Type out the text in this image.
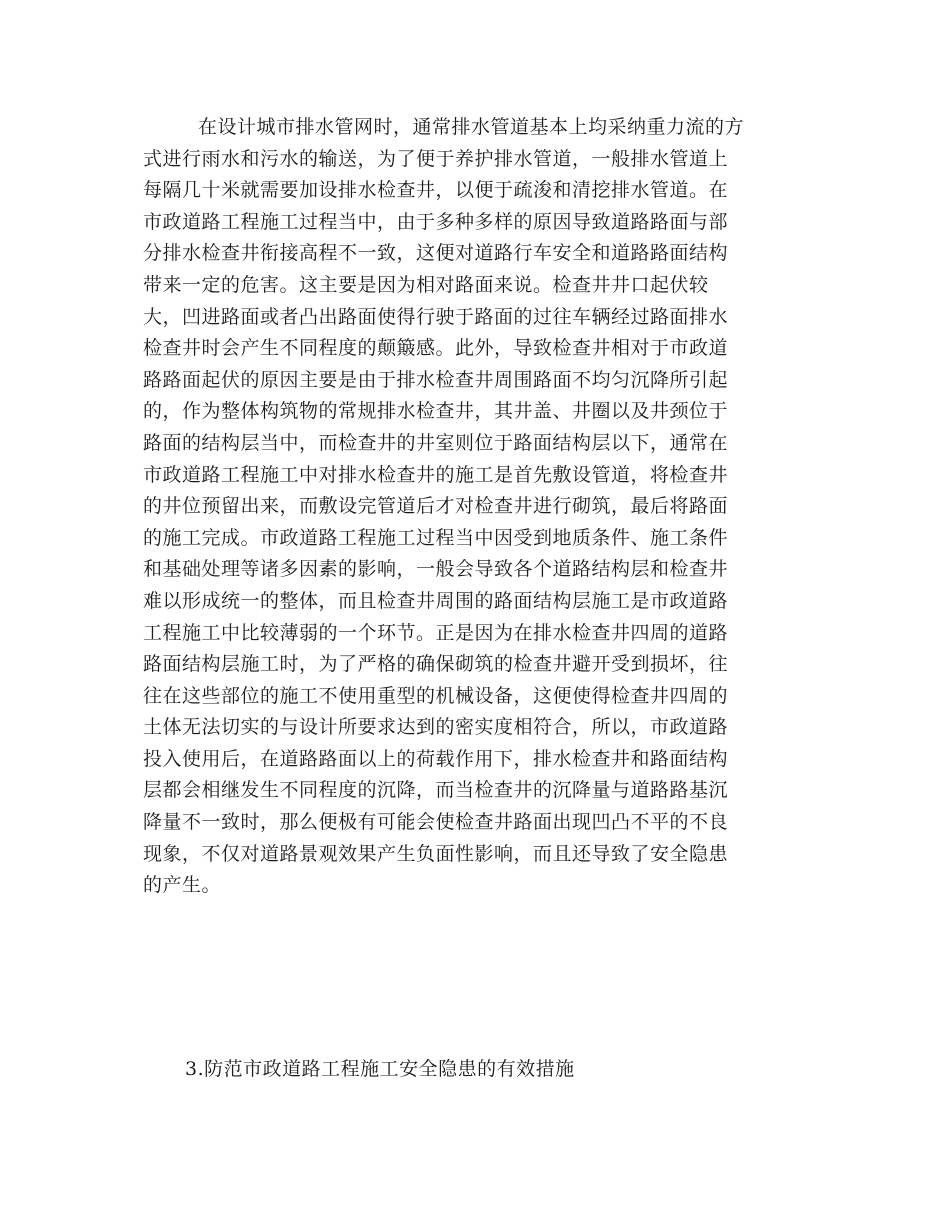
在设计城市排水管网时，通常排水管道基本上均采纳重力流的方
式进行雨水和污水的输送，为了便于养护排水管道，一般排水管道上
每隔几十米就需要加设排水检查井，以便于疏浚和清挖排水管道。在
市政道路工程施工过程当中，由于多种多样的原因导致道路路面与部
分排水检查井衔接高程不一致，这便对道路行车安全和道路路面结构
带来一定的危害。这主要是因为相对路面来说。检查井井口起伏较
大，凹进路面或者凸出路面使得行驶于路面的过往车辆经过路面排水
检查井时会产生不同程度的颠簸感。此外，导致检查井相对于市政道
路路面起伏的原因主要是由于排水检查井周围路面不均匀沉降所引起
的，作为整体构筑物的常规排水检查井，其井盖、井圈以及井颈位于
路面的结构层当中，而检查井的井室则位于路面结构层以下，通常在
市政道路工程施工中对排水检查井的施工是首先敷设管道，将检查井
的井位预留出来，而敷设完管道后才对检查井进行砌筑，最后将路面
的施工完成。市政道路工程施工过程当中因受到地质条件、施工条件
和基础处理等诸多因素的影响，一般会导致各个道路结构层和检查井
难以形成统一的整体，而且检查井周围的路面结构层施工是市政道路
工程施工中比较薄弱的一个环节。正是因为在排水检查井四周的道路
路面结构层施工时，为了严格的确保砌筑的检查井避开受到损坏，往
往在这些部位的施工不使用重型的机械设备，这便使得检查井四周的
土体无法切实的与设计所要求达到的密实度相符合，所以，市政道路
投入使用后，在道路路面以上的荷载作用下，排水检查井和路面结构
层都会相继发生不同程度的沉降，而当检查井的沉降量与道路路基沉
降量不一致时，那么便极有可能会使检查井路面出现凹凸不平的不良
现象，不仅对道路景观效果产生负面性影响，而且还导致了安全隐患
的产生。
3.防范市政道路工程施工安全隐患的有效措施
